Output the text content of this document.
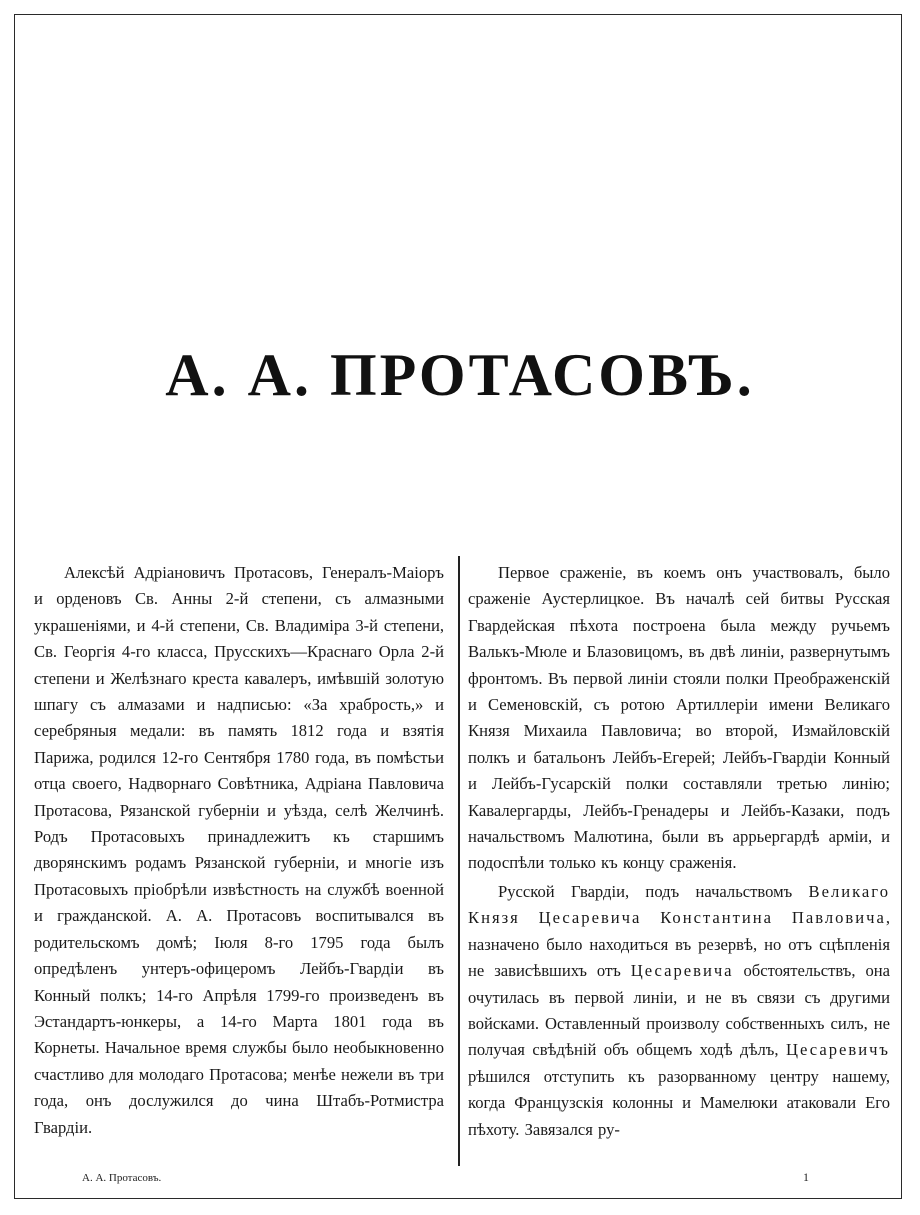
А. А. ПРОТАСОВЪ.

Алексѣй Адріановичъ Протасовъ, Генералъ-Маіоръ и орденовъ Св. Анны 2-й степени, съ алмазными украшеніями, и 4-й степени, Св. Владиміра 3-й степени, Св. Георгія 4-го класса, Прусскихъ—Краснаго Орла 2-й степени и Желѣзнаго креста кавалеръ, имѣвшій золотую шпагу съ алмазами и надписью: «За храбрость,» и серебряныя медали: въ память 1812 года и взятія Парижа, родился 12-го Сентября 1780 года, въ помѣстьи отца своего, Надворнаго Совѣтника, Адріана Павловича Протасова, Рязанской губерніи и уѣзда, селѣ Желчинѣ. Родъ Протасовыхъ принадлежитъ къ старшимъ дворянскимъ родамъ Рязанской губерніи, и многіе изъ Протасовыхъ пріобрѣли извѣстность на службѣ военной и гражданской. А. А. Протасовъ воспитывался въ родительскомъ домѣ; Іюля 8-го 1795 года былъ опредѣленъ унтеръ-офицеромъ Лейбъ-Гвардіи въ Конный полкъ; 14-го Апрѣля 1799-го произведенъ въ Эстандартъ-юнкеры, а 14-го Марта 1801 года въ Корнеты. Начальное время службы было необыкновенно счастливо для молодаго Протасова; менѣе нежели въ три года, онъ дослужился до чина Штабъ-Ротмистра Гвардіи.

Первое сраженіе, въ коемъ онъ участвовалъ, было сраженіе Аустерлицкое. Въ началѣ сей битвы Русская Гвардейская пѣхота построена была между ручьемъ Валькъ-Мюле и Блазовицомъ, въ двѣ линіи, развернутымъ фронтомъ. Въ первой линіи стояли полки Преображенскій и Семеновскій, съ ротою Артиллеріи имени Великаго Князя Михаила Павловича; во второй, Измайловскій полкъ и батальонъ Лейбъ-Егерей; Лейбъ-Гвардіи Конный и Лейбъ-Гусарскій полки составляли третью линію; Кавалергарды, Лейбъ-Гренадеры и Лейбъ-Казаки, подъ начальствомъ Малютина, были въ аррьергардѣ арміи, и подоспѣли только къ концу сраженія.

Русской Гвардіи, подъ начальствомъ Великаго Князя Цесаревича Константина Павловича, назначено было находиться въ резервѣ, но отъ сцѣпленія не зависѣвшихъ отъ Цесаревича обстоятельствъ, она очутилась въ первой линіи, и не въ связи съ другими войсками. Оставленный произволу собственныхъ силъ, не получая свѣдѣній объ общемъ ходѣ дѣлъ, Цесаревичъ рѣшился отступить къ разорванному центру нашему, когда Французскія колонны и Мамелюки атаковали Его пѣхоту. Завязался ру-

А. А. Протасовъ.	1
